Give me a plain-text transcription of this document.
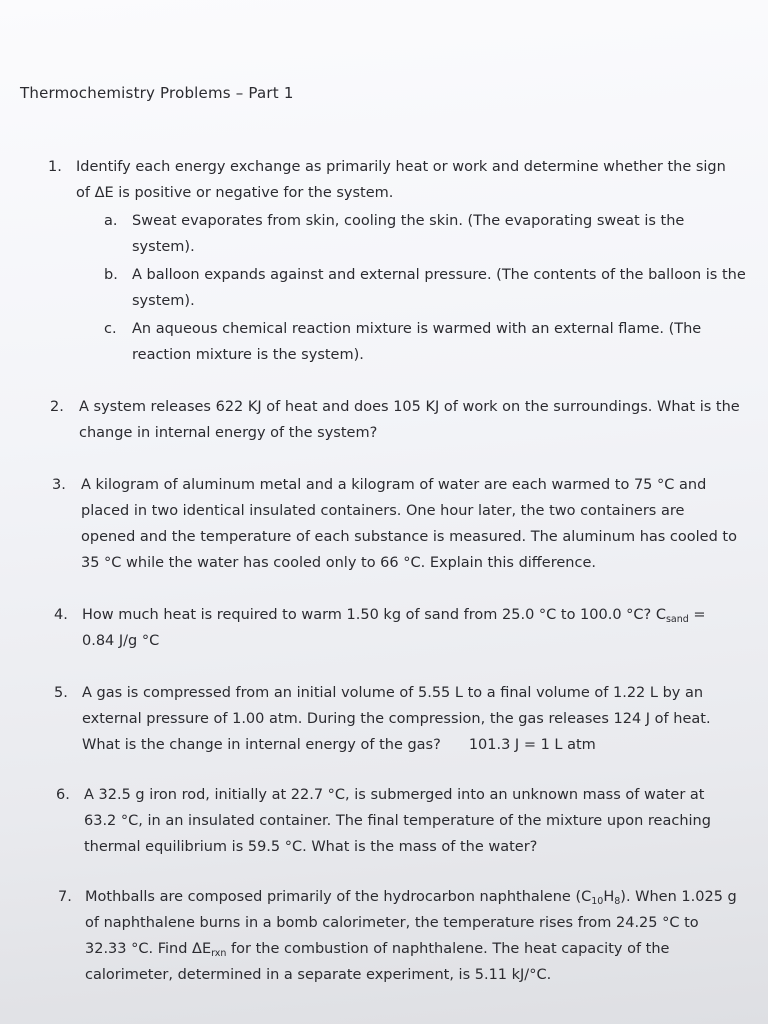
Thermochemistry Problems – Part 1
1. Identify each energy exchange as primarily heat or work and determine whether the sign of ΔE is positive or negative for the system.
a. Sweat evaporates from skin, cooling the skin. (The evaporating sweat is the system).
b. A balloon expands against and external pressure. (The contents of the balloon is the system).
c. An aqueous chemical reaction mixture is warmed with an external flame. (The reaction mixture is the system).
2. A system releases 622 KJ of heat and does 105 KJ of work on the surroundings. What is the change in internal energy of the system?
3. A kilogram of aluminum metal and a kilogram of water are each warmed to 75 °C and placed in two identical insulated containers. One hour later, the two containers are opened and the temperature of each substance is measured. The aluminum has cooled to 35 °C while the water has cooled only to 66 °C. Explain this difference.
4. How much heat is required to warm 1.50 kg of sand from 25.0 °C to 100.0 °C? $C_{sand} = 0.84$ J/g °C
5. A gas is compressed from an initial volume of 5.55 L to a final volume of 1.22 L by an external pressure of 1.00 atm. During the compression, the gas releases 124 J of heat. What is the change in internal energy of the gas? 101.3 J = 1 L atm
6. A 32.5 g iron rod, initially at 22.7 °C, is submerged into an unknown mass of water at 63.2 °C, in an insulated container. The final temperature of the mixture upon reaching thermal equilibrium is 59.5 °C. What is the mass of the water?
7. Mothballs are composed primarily of the hydrocarbon naphthalene $(C_{10}H_8)$. When 1.025 g of naphthalene burns in a bomb calorimeter, the temperature rises from 24.25 °C to 32.33 °C. Find $\Delta E_{rxn}$ for the combustion of naphthalene. The heat capacity of the calorimeter, determined in a separate experiment, is 5.11 kJ/°C.
